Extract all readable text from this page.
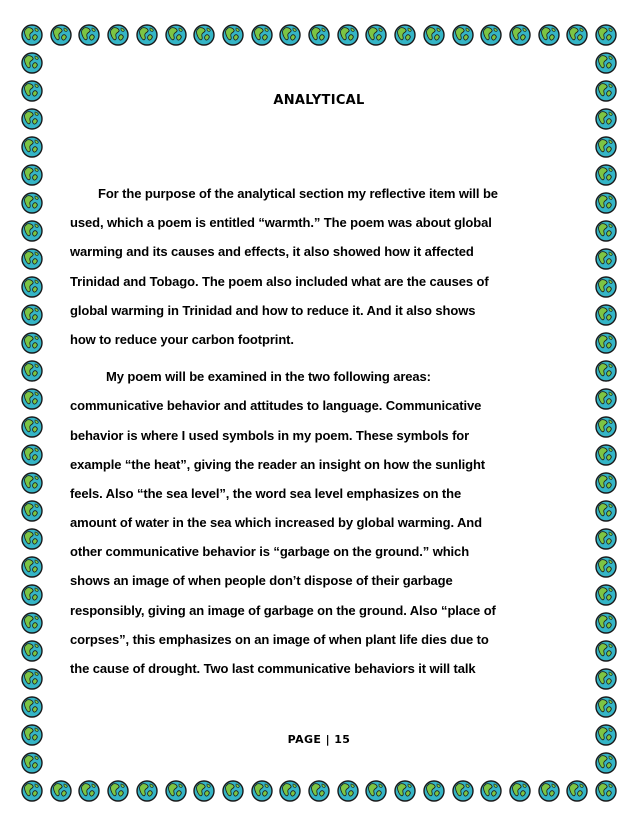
ANALYTICAL
For the purpose of the analytical section my reflective item will be
used, which a poem is entitled “warmth.” The poem was about global
warming and its causes and effects, it also showed how it affected
Trinidad and Tobago. The poem also included what are the causes of
global warming in Trinidad and how to reduce it. And it also shows
how to reduce your carbon footprint.
My poem will be examined in the two following areas:
communicative behavior and attitudes to language. Communicative
behavior is where I used symbols in my poem. These symbols for
example “the heat”, giving the reader an insight on how the sunlight
feels. Also “the sea level”, the word sea level emphasizes on the
amount of water in the sea which increased by global warming. And
other communicative behavior is “garbage on the ground.” which
shows an image of when people don’t dispose of their garbage
responsibly, giving an image of garbage on the ground. Also “place of
corpses”, this emphasizes on an image of when plant life dies due to
the cause of drought. Two last communicative behaviors it will talk
PAGE | 15
